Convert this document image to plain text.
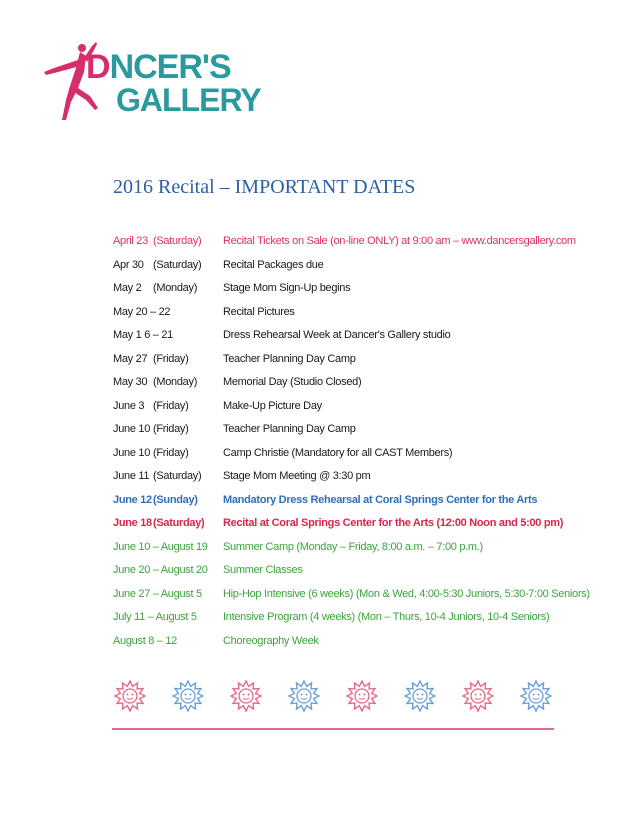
DNCER'S
GALLERY
2016 Recital – IMPORTANT DATES
April 23 (Saturday) Recital Tickets on Sale (on-line ONLY) at 9:00 am – www.dancersgallery.com
Apr 30 (Saturday) Recital Packages due
May 2 (Monday) Stage Mom Sign-Up begins
May 20 – 22	Recital Pictures
May 1 6 – 21	Dress Rehearsal Week at Dancer's Gallery studio
May 27 (Friday)	Teacher Planning Day Camp
May 30 (Monday) Memorial Day (Studio Closed)
June 3 (Friday)	Make-Up Picture Day
June 10 (Friday)	Teacher Planning Day Camp
June 10 (Friday)	Camp Christie (Mandatory for all CAST Members)
June 11 (Saturday) Stage Mom Meeting @ 3:30 pm
June 12 (Sunday) Mandatory Dress Rehearsal at Coral Springs Center for the Arts
June 18 (Saturday) Recital at Coral Springs Center for the Arts (12:00 Noon and 5:00 pm)
June 10 – August 19 Summer Camp (Monday – Friday, 8:00 a.m. – 7:00 p.m.)
June 20 – August 20 Summer Classes
June 27 – August 5 Hip-Hop Intensive (6 weeks) (Mon & Wed, 4:00-5:30 Juniors, 5:30-7:00 Seniors)
July 11 – August 5 Intensive Program (4 weeks) (Mon – Thurs, 10-4 Juniors, 10-4 Seniors)
August 8 – 12	Choreography Week
